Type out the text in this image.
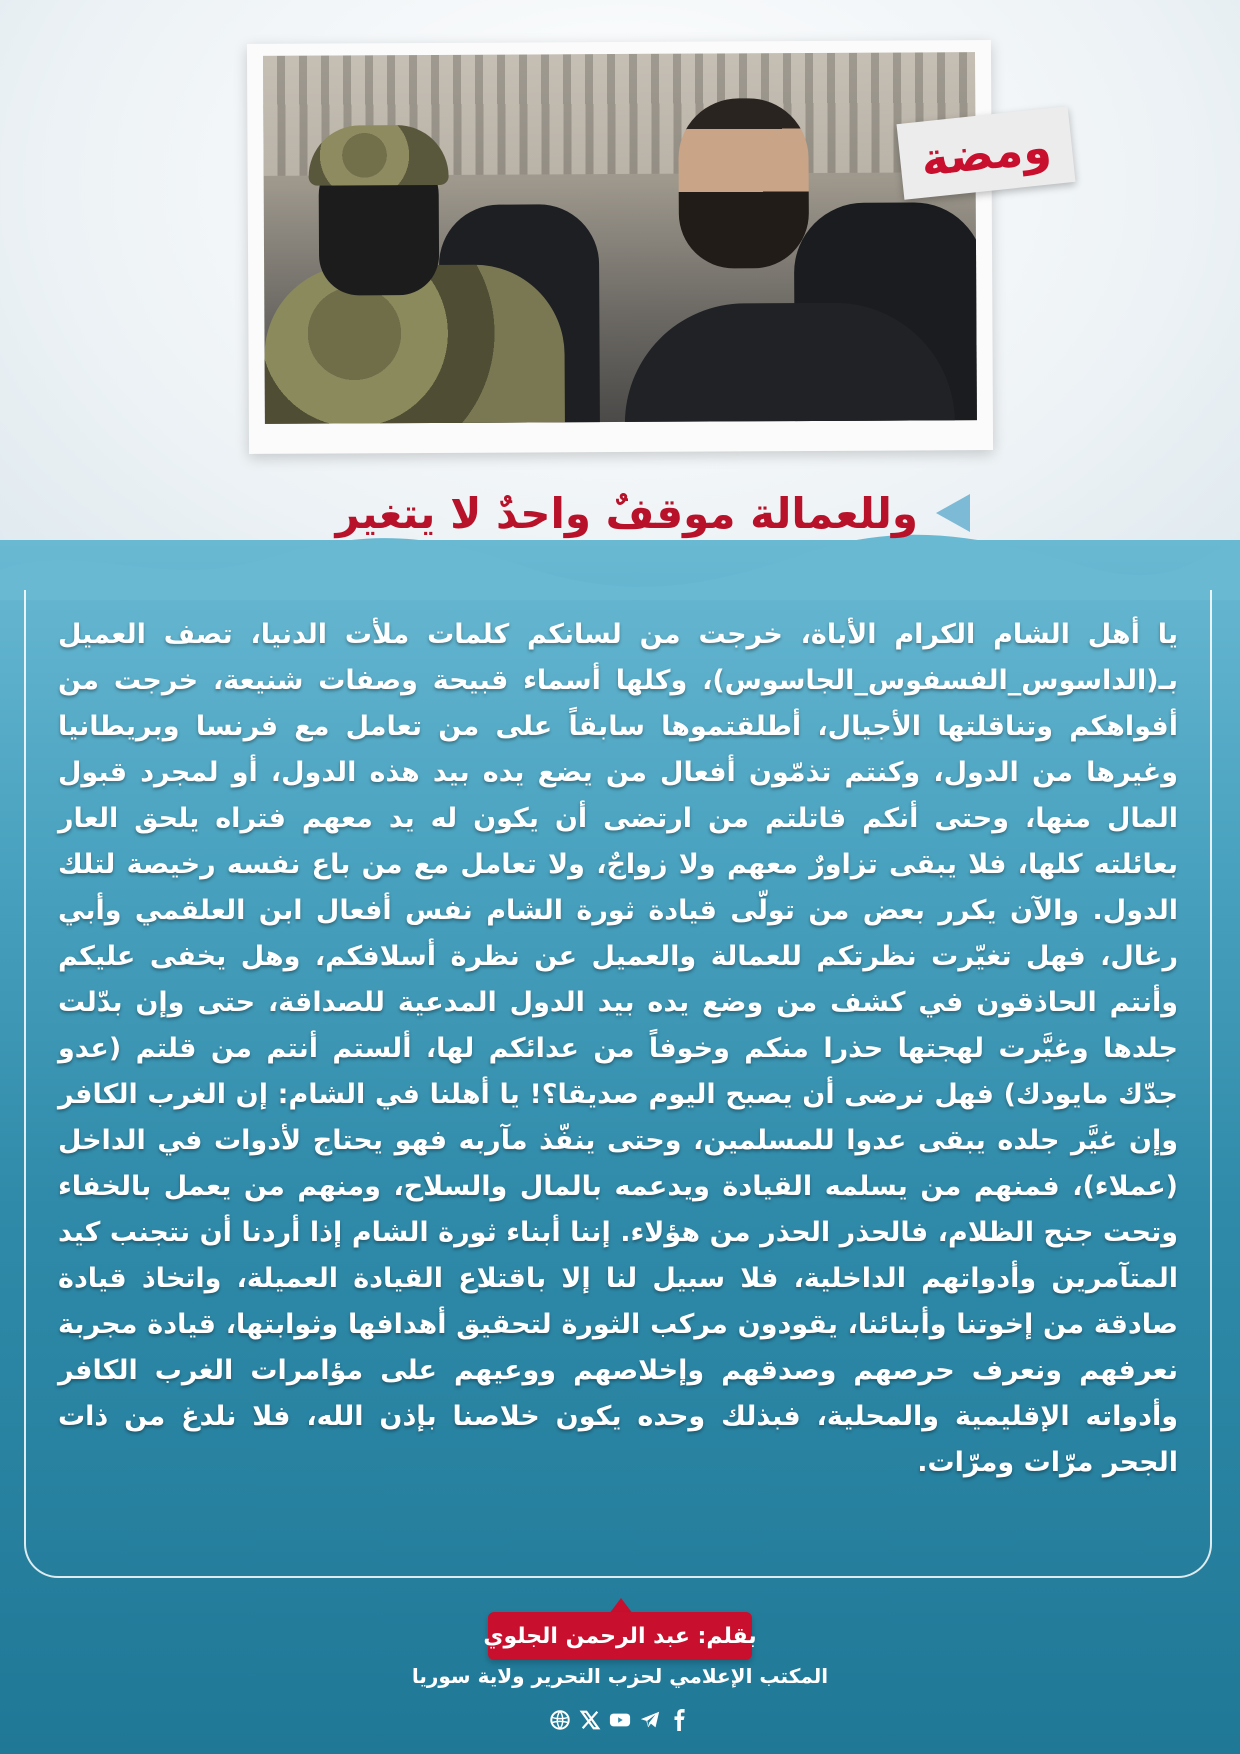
ومضة
وللعمالة موقفٌ واحدٌ لا يتغير

يا أهل الشام الكرام الأباة، خرجت من لسانكم كلمات ملأت الدنيا، تصف العميل بـ(الداسوس_الفسفوس_الجاسوس)، وكلها أسماء قبيحة وصفات شنيعة، خرجت من أفواهكم وتناقلتها الأجيال، أطلقتموها سابقاً على من تعامل مع فرنسا وبريطانيا وغيرها من الدول، وكنتم تذمّون أفعال من يضع يده بيد هذه الدول، أو لمجرد قبول المال منها، وحتى أنكم قاتلتم من ارتضى أن يكون له يد معهم فتراه يلحق العار بعائلته كلها، فلا يبقى تزاورٌ معهم ولا زواجٌ، ولا تعامل مع من باع نفسه رخيصة لتلك الدول. والآن يكرر بعض من تولّى قيادة ثورة الشام نفس أفعال ابن العلقمي وأبي رغال، فهل تغيّرت نظرتكم للعمالة والعميل عن نظرة أسلافكم، وهل يخفى عليكم وأنتم الحاذقون في كشف من وضع يده بيد الدول المدعية للصداقة، حتى وإن بدّلت جلدها وغيَّرت لهجتها حذرا منكم وخوفاً من عدائكم لها، ألستم أنتم من قلتم (عدو جدّك مايودك) فهل نرضى أن يصبح اليوم صديقا؟! يا أهلنا في الشام: إن الغرب الكافر وإن غيَّر جلده يبقى عدوا للمسلمين، وحتى ينفّذ مآربه فهو يحتاج لأدوات في الداخل (عملاء)، فمنهم من يسلمه القيادة ويدعمه بالمال والسلاح، ومنهم من يعمل بالخفاء وتحت جنح الظلام، فالحذر الحذر من هؤلاء. إننا أبناء ثورة الشام إذا أردنا أن نتجنب كيد المتآمرين وأدواتهم الداخلية، فلا سبيل لنا إلا باقتلاع القيادة العميلة، واتخاذ قيادة صادقة من إخوتنا وأبنائنا، يقودون مركب الثورة لتحقيق أهدافها وثوابتها، قيادة مجربة نعرفهم ونعرف حرصهم وصدقهم وإخلاصهم ووعيهم على مؤامرات الغرب الكافر وأدواته الإقليمية والمحلية، فبذلك وحده يكون خلاصنا بإذن الله، فلا نلدغ من ذات الجحر مرّات ومرّات.

بقلم: عبد الرحمن الجلوي
المكتب الإعلامي لحزب التحرير ولاية سوريا
